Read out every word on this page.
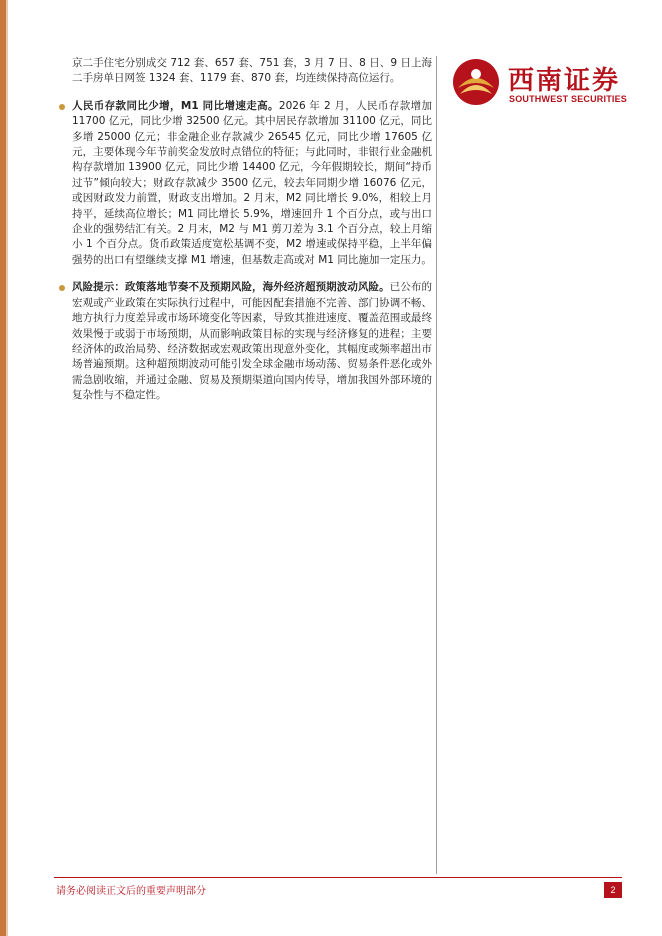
西南证券
SOUTHWEST SECURITIES

京二手住宅分别成交 712 套、657 套、751 套，3 月 7 日、8 日、9 日上海二手房单日网签 1324 套、1179 套、870 套，均连续保持高位运行。

人民币存款同比少增，M1 同比增速走高。2026 年 2 月，人民币存款增加 11700 亿元，同比少增 32500 亿元。其中居民存款增加 31100 亿元，同比多增 25000 亿元；非金融企业存款减少 26545 亿元，同比少增 17605 亿元，主要体现今年节前奖金发放时点错位的特征；与此同时，非银行业金融机构存款增加 13900 亿元，同比少增 14400 亿元，今年假期较长，期间“持币过节”倾向较大；财政存款减少 3500 亿元，较去年同期少增 16076 亿元，或因财政发力前置，财政支出增加。2 月末，M2 同比增长 9.0%，相较上月持平，延续高位增长；M1 同比增长 5.9%，增速回升 1 个百分点，或与出口企业的强势结汇有关。2 月末，M2 与 M1 剪刀差为 3.1 个百分点，较上月缩小 1 个百分点。货币政策适度宽松基调不变，M2 增速或保持平稳，上半年偏强势的出口有望继续支撑 M1 增速，但基数走高或对 M1 同比施加一定压力。

风险提示：政策落地节奏不及预期风险，海外经济超预期波动风险。已公布的宏观或产业政策在实际执行过程中，可能因配套措施不完善、部门协调不畅、地方执行力度差异或市场环境变化等因素，导致其推进速度、覆盖范围或最终效果慢于或弱于市场预期，从而影响政策目标的实现与经济修复的进程；主要经济体的政治局势、经济数据或宏观政策出现意外变化，其幅度或频率超出市场普遍预期。这种超预期波动可能引发全球金融市场动荡、贸易条件恶化或外需急剧收缩，并通过金融、贸易及预期渠道向国内传导，增加我国外部环境的复杂性与不稳定性。

请务必阅读正文后的重要声明部分	2
